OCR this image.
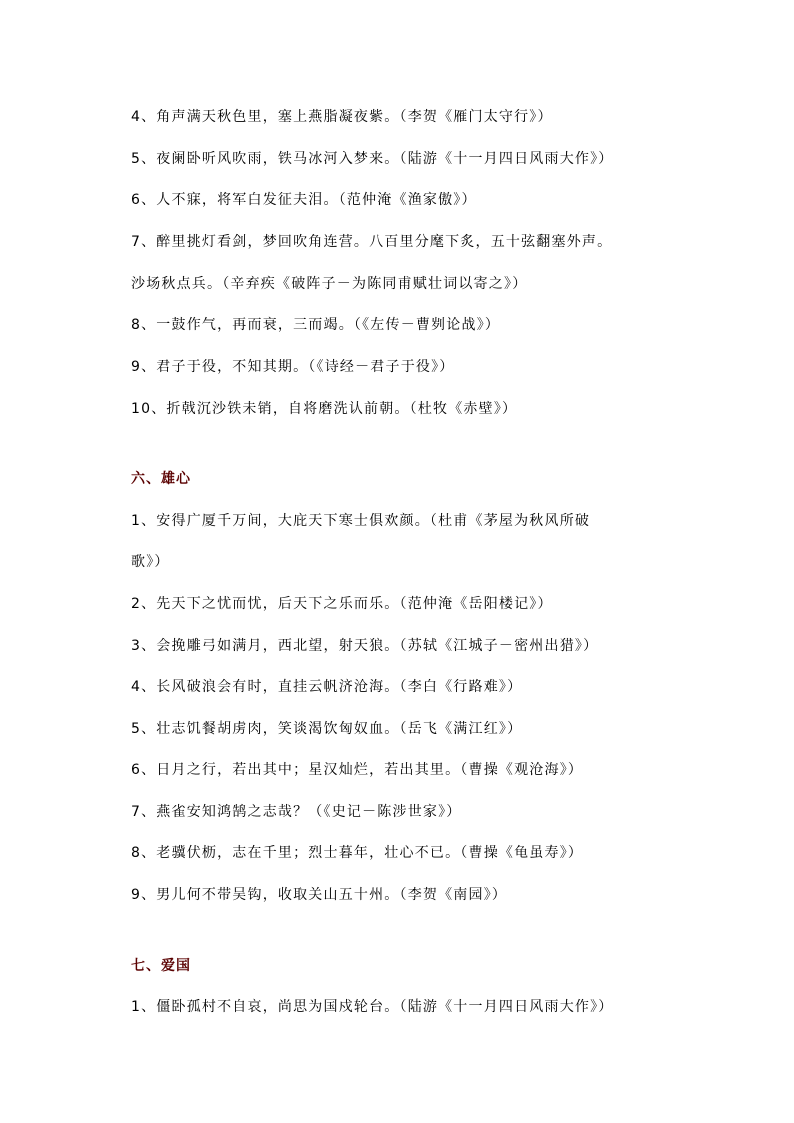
4、角声满天秋色里，塞上燕脂凝夜紫。（李贺《雁门太守行》）
5、夜阑卧听风吹雨，铁马冰河入梦来。（陆游《十一月四日风雨大作》）
6、人不寐，将军白发征夫泪。（范仲淹《渔家傲》）
7、醉里挑灯看剑，梦回吹角连营。八百里分麾下炙，五十弦翻塞外声。
沙场秋点兵。（辛弃疾《破阵子－为陈同甫赋壮词以寄之》）
8、一鼓作气，再而衰，三而竭。（《左传－曹刿论战》）
9、君子于役，不知其期。（《诗经－君子于役》）
10、折戟沉沙铁未销，自将磨洗认前朝。（杜牧《赤壁》）
六、雄心
1、安得广厦千万间，大庇天下寒士俱欢颜。（杜甫《茅屋为秋风所破
歌》）
2、先天下之忧而忧，后天下之乐而乐。（范仲淹《岳阳楼记》）
3、会挽雕弓如满月，西北望，射天狼。（苏轼《江城子－密州出猎》）
4、长风破浪会有时，直挂云帆济沧海。（李白《行路难》）
5、壮志饥餐胡虏肉，笑谈渴饮匈奴血。（岳飞《满江红》）
6、日月之行，若出其中；星汉灿烂，若出其里。（曹操《观沧海》）
7、燕雀安知鸿鹄之志哉？（《史记－陈涉世家》）
8、老骥伏枥，志在千里；烈士暮年，壮心不已。（曹操《龟虽寿》）
9、男儿何不带吴钩，收取关山五十州。（李贺《南园》）
七、爱国
1、僵卧孤村不自哀，尚思为国戍轮台。（陆游《十一月四日风雨大作》）
